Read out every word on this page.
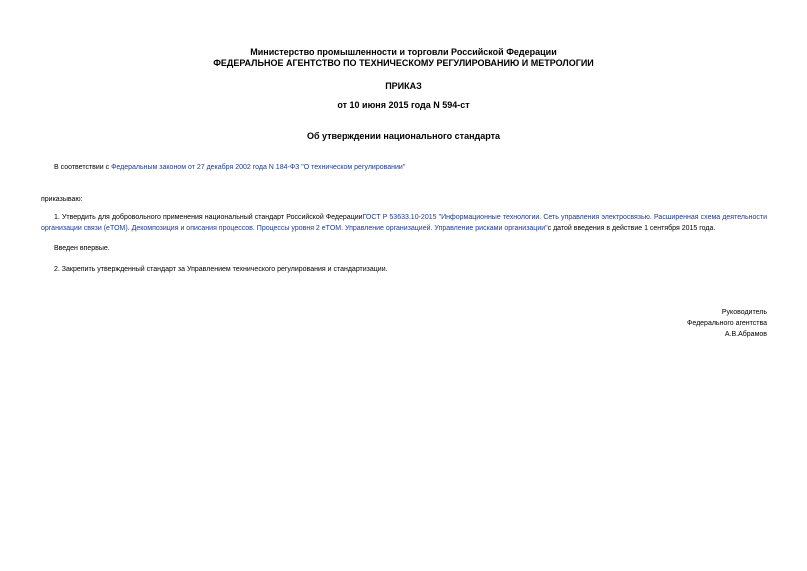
Министерство промышленности и торговли Российской Федерации
ФЕДЕРАЛЬНОЕ АГЕНТСТВО ПО ТЕХНИЧЕСКОМУ РЕГУЛИРОВАНИЮ И МЕТРОЛОГИИ
ПРИКАЗ
от 10 июня 2015 года N 594-ст
Об утверждении национального стандарта
В соответствии с Федеральным законом от 27 декабря 2002 года N 184-ФЗ "О техническом регулировании"
приказываю:
1. Утвердить для добровольного применения национальный стандарт Российской ФедерацииГОСТ Р 53633.10-2015 "Информационные технологии. Сеть управления электросвязью. Расширенная схема деятельности организации связи (eTOM). Декомпозиция и описания процессов. Процессы уровня 2 eTOM. Управление организацией. Управление рисками организации"с датой введения в действие 1 сентября 2015 года.
Введен впервые.
2. Закрепить утвержденный стандарт за Управлением технического регулирования и стандартизации.
Руководитель
Федерального агентства
А.В.Абрамов
